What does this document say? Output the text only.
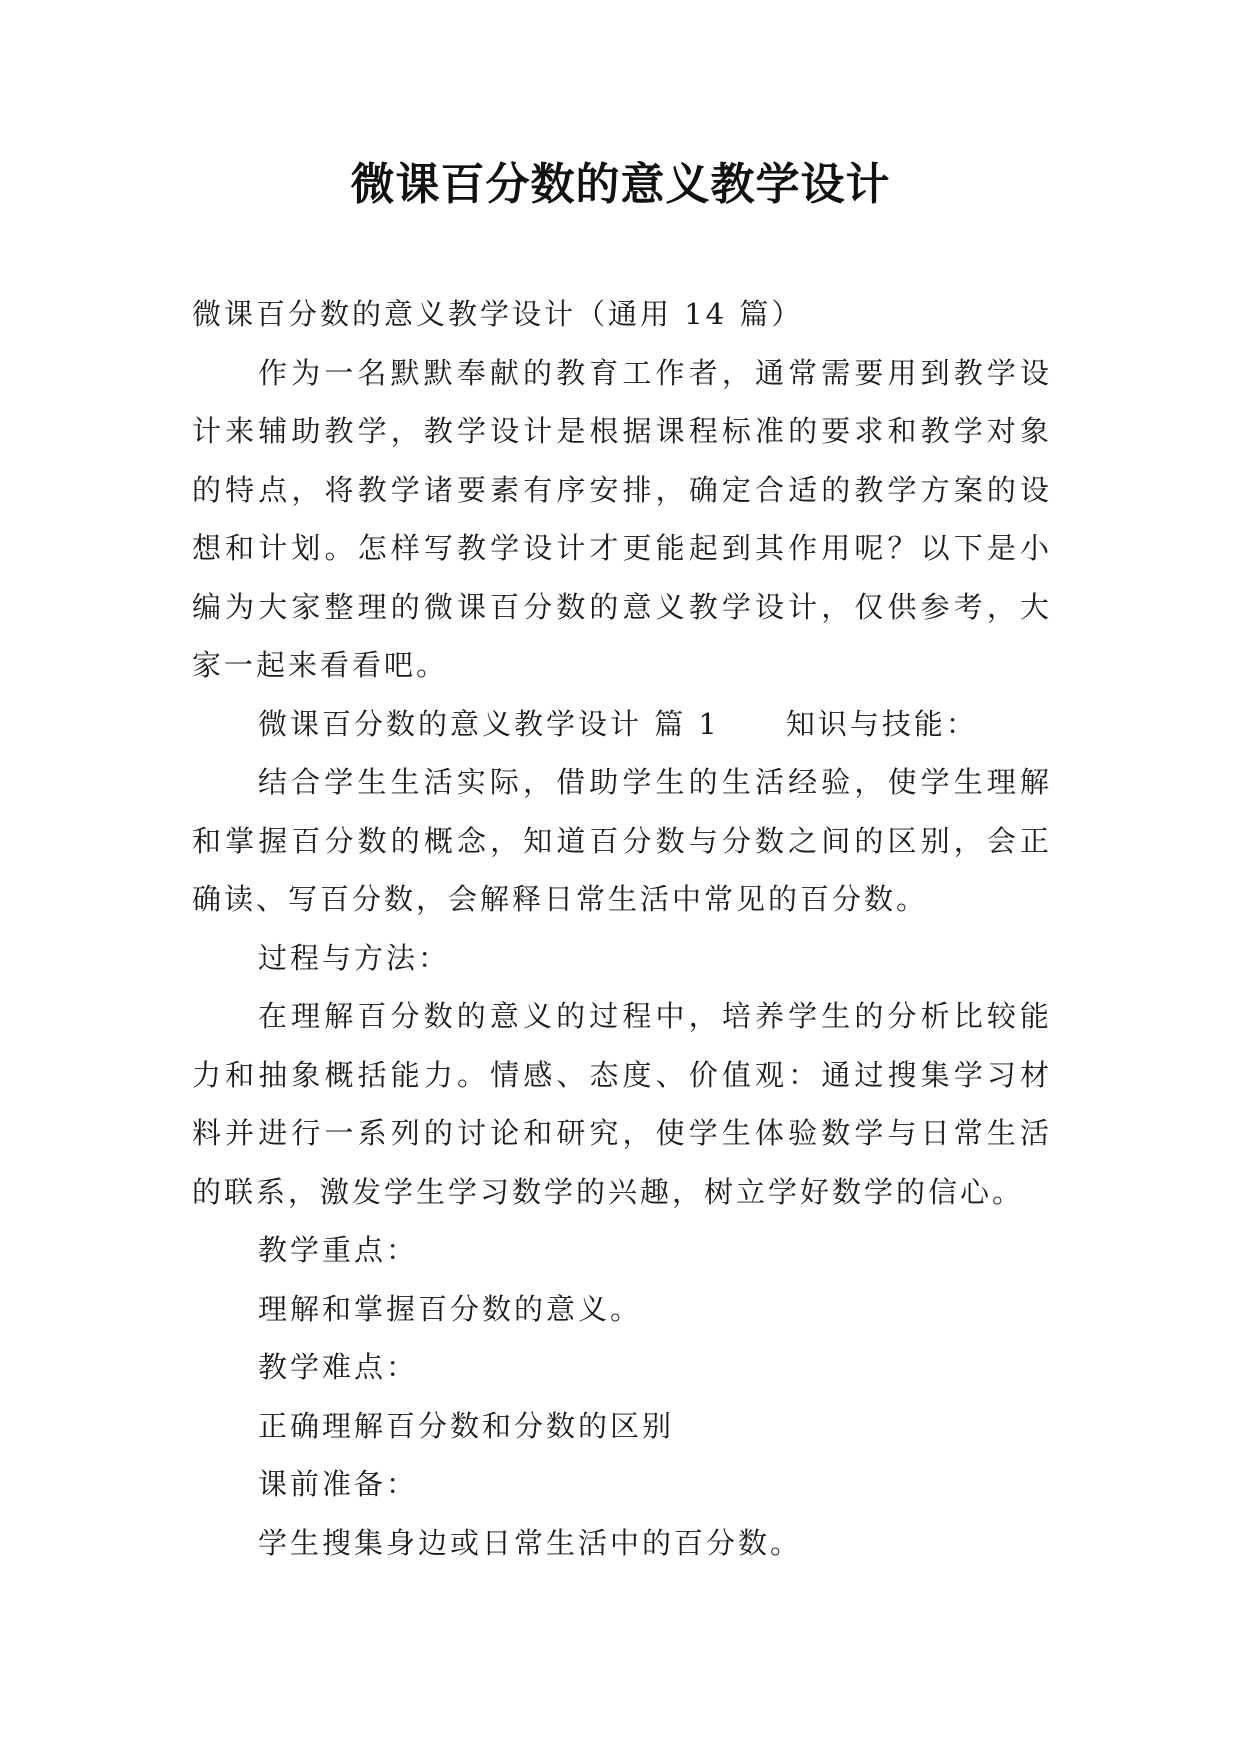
微课百分数的意义教学设计

微课百分数的意义教学设计（通用 14 篇）

作为一名默默奉献的教育工作者，通常需要用到教学设计来辅助教学，教学设计是根据课程标准的要求和教学对象的特点，将教学诸要素有序安排，确定合适的教学方案的设想和计划。怎样写教学设计才更能起到其作用呢？以下是小编为大家整理的微课百分数的意义教学设计，仅供参考，大家一起来看看吧。

微课百分数的意义教学设计 篇 1 知识与技能：

结合学生生活实际，借助学生的生活经验，使学生理解和掌握百分数的概念，知道百分数与分数之间的区别，会正确读、写百分数，会解释日常生活中常见的百分数。

过程与方法：

在理解百分数的意义的过程中，培养学生的分析比较能力和抽象概括能力。情感、态度、价值观：通过搜集学习材料并进行一系列的讨论和研究，使学生体验数学与日常生活的联系，激发学生学习数学的兴趣，树立学好数学的信心。

教学重点：

理解和掌握百分数的意义。

教学难点：

正确理解百分数和分数的区别

课前准备：

学生搜集身边或日常生活中的百分数。
